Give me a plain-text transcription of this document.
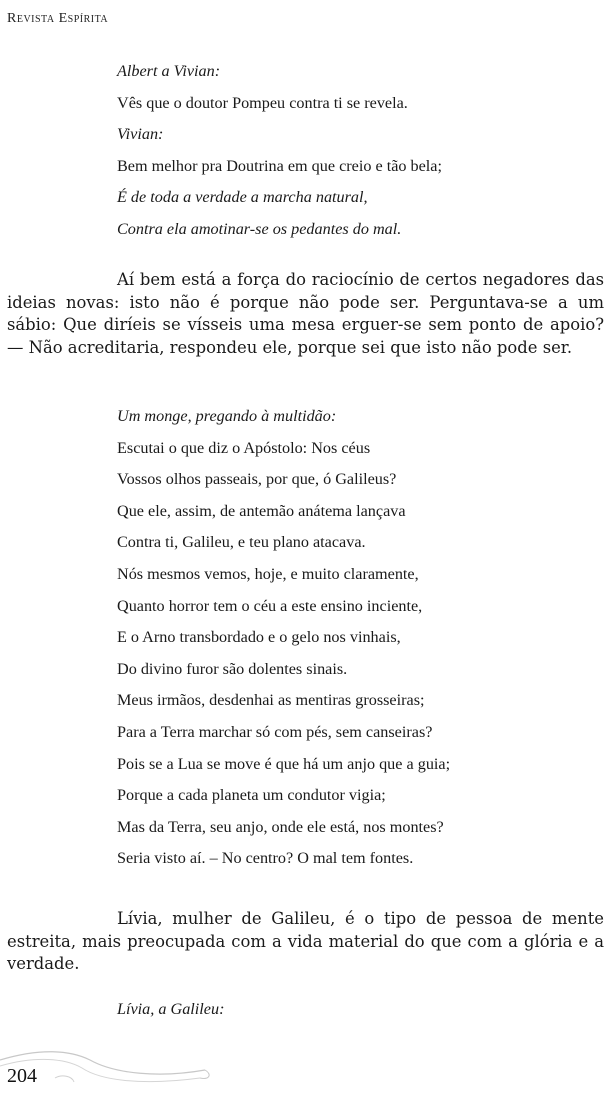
Revista Espírita
Albert a Vivian:
Vês que o doutor Pompeu contra ti se revela.
Vivian:
Bem melhor pra Doutrina em que creio e tão bela;
É de toda a verdade a marcha natural,
Contra ela amotinar-se os pedantes do mal.

Aí bem está a força do raciocínio de certos negadores das ideias novas: isto não é porque não pode ser. Perguntava-se a um sábio: Que diríeis se vísseis uma mesa erguer-se sem ponto de apoio? — Não acreditaria, respondeu ele, porque sei que isto não pode ser.

Um monge, pregando à multidão:
Escutai o que diz o Apóstolo: Nos céus
Vossos olhos passeais, por que, ó Galileus?
Que ele, assim, de antemão anátema lançava
Contra ti, Galileu, e teu plano atacava.
Nós mesmos vemos, hoje, e muito claramente,
Quanto horror tem o céu a este ensino inciente,
E o Arno transbordado e o gelo nos vinhais,
Do divino furor são dolentes sinais.
Meus irmãos, desdenhai as mentiras grosseiras;
Para a Terra marchar só com pés, sem canseiras?
Pois se a Lua se move é que há um anjo que a guia;
Porque a cada planeta um condutor vigia;
Mas da Terra, seu anjo, onde ele está, nos montes?
Seria visto aí. – No centro? O mal tem fontes.

Lívia, mulher de Galileu, é o tipo de pessoa de mente estreita, mais preocupada com a vida material do que com a glória e a verdade.

Lívia, a Galileu:
204
